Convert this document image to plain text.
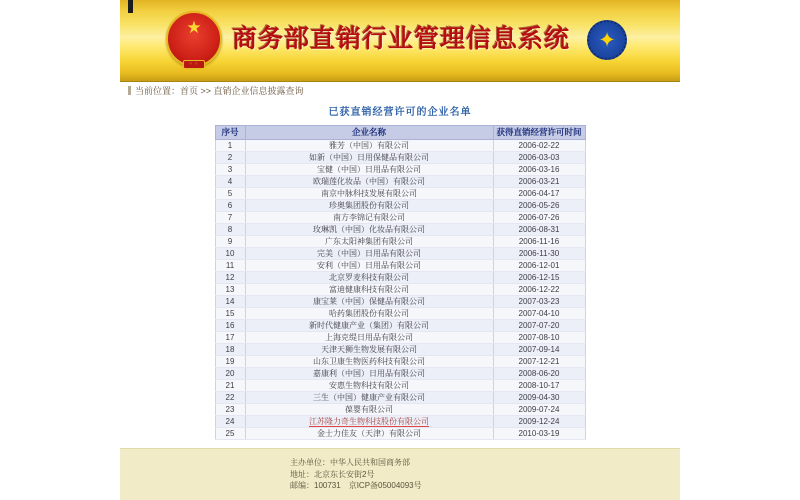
★
⁘⁘
商务部直销行业管理信息系统	✦
当前位置：首页 >> 直销企业信息披露查询
已获直销经营许可的企业名单
序号	企业名称	获得直销经营许可时间
1	雅芳（中国）有限公司	2006-02-22
2	如新（中国）日用保健品有限公司	2006-03-03
3	宝健（中国）日用品有限公司	2006-03-16
4	欧瑞莲化妆品（中国）有限公司	2006-03-21
5	南京中脉科技发展有限公司	2006-04-17
6	珍奥集团股份有限公司	2006-05-26
7	南方李锦记有限公司	2006-07-26
8	玫琳凯（中国）化妆品有限公司	2006-08-31
9	广东太阳神集团有限公司	2006-11-16
10	完美（中国）日用品有限公司	2006-11-30
11	安利（中国）日用品有限公司	2006-12-01
12	北京罗麦科技有限公司	2006-12-15
13	富迪健康科技有限公司	2006-12-22
14	康宝莱（中国）保健品有限公司	2007-03-23
15	哈药集团股份有限公司	2007-04-10
16	新时代健康产业（集团）有限公司	2007-07-20
17	上海克缇日用品有限公司	2007-08-10
18	天津天狮生物发展有限公司	2007-09-14
19	山东卫康生物医药科技有限公司	2007-12-21
20	嘉康利（中国）日用品有限公司	2008-06-20
21	安惠生物科技有限公司	2008-10-17
22	三生（中国）健康产业有限公司	2009-04-30
23	葆婴有限公司	2009-07-24
24	江苏隆力奇生物科技股份有限公司	2009-12-24
25	金士力佳友（天津）有限公司	2010-03-19
主办单位：中华人民共和国商务部
地址：北京东长安街2号
邮编：100731　京ICP备05004093号
